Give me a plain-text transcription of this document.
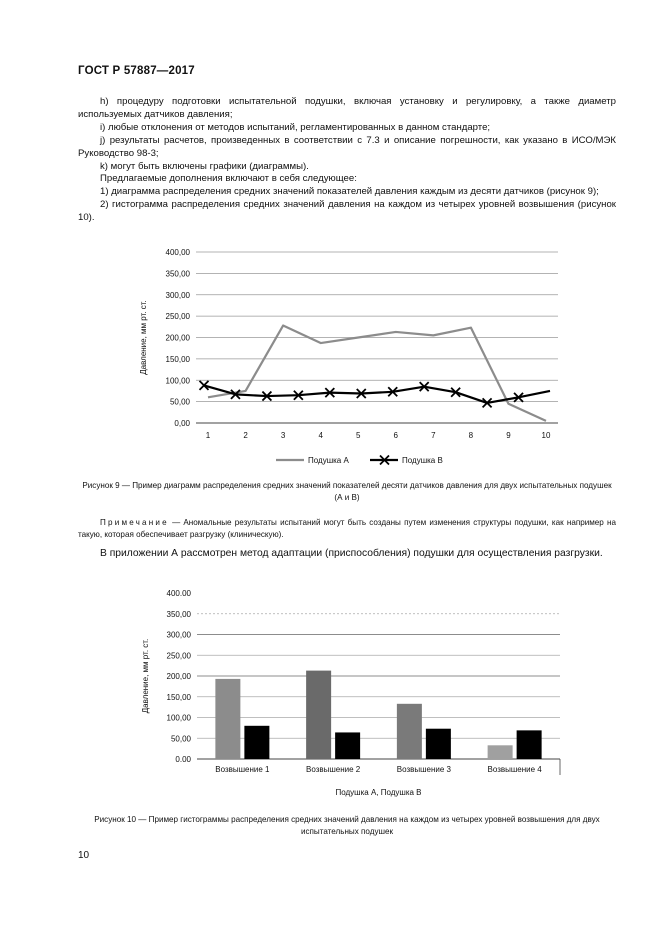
ГОСТ Р 57887—2017

h) процедуру подготовки испытательной подушки, включая установку и регулировку, а также диаметр используемых датчиков давления;

i) любые отклонения от методов испытаний, регламентированных в данном стандарте;

j) результаты расчетов, произведенных в соответствии с 7.3 и описание погрешности, как указано в ИСО/МЭК Руководство 98-3;

k) могут быть включены графики (диаграммы).

Предлагаемые дополнения включают в себя следующее:

1) диаграмма распределения средних значений показателей давления каждым из десяти датчиков (рисунок 9);

2) гистограмма распределения средних значений давления на каждом из четырех уровней возвышения (рисунок 10).

0,00
50,00
100,00
150,00
200,00
250,00
300,00
350,00
400,00
1	2	3	4	5	6	7	8	9	10
Давление, мм рт. ст.
Подушка А	Подушка В
Рисунок 9 — Пример диаграмм распределения средних значений показателей десяти датчиков давления для двух испытательных подушек (А и В)
Примечание — Аномальные результаты испытаний могут быть созданы путем изменения структуры подушки, как например на такую, которая обеспечивает разгрузку (клиническую).
В приложении А рассмотрен метод адаптации (приспособления) подушки для осуществления разгрузки.
0.00
50,00
100,00
150,00
200,00
250,00
300,00
350,00
400.00
Давление, мм рт. ст.
Возвышение 1	Возвышение 2	Возвышение 3	Возвышение 4
Подушка А, Подушка В
Рисунок 10 — Пример гистограммы распределения средних значений давления на каждом из четырех уровней возвышения для двух испытательных подушек
10
